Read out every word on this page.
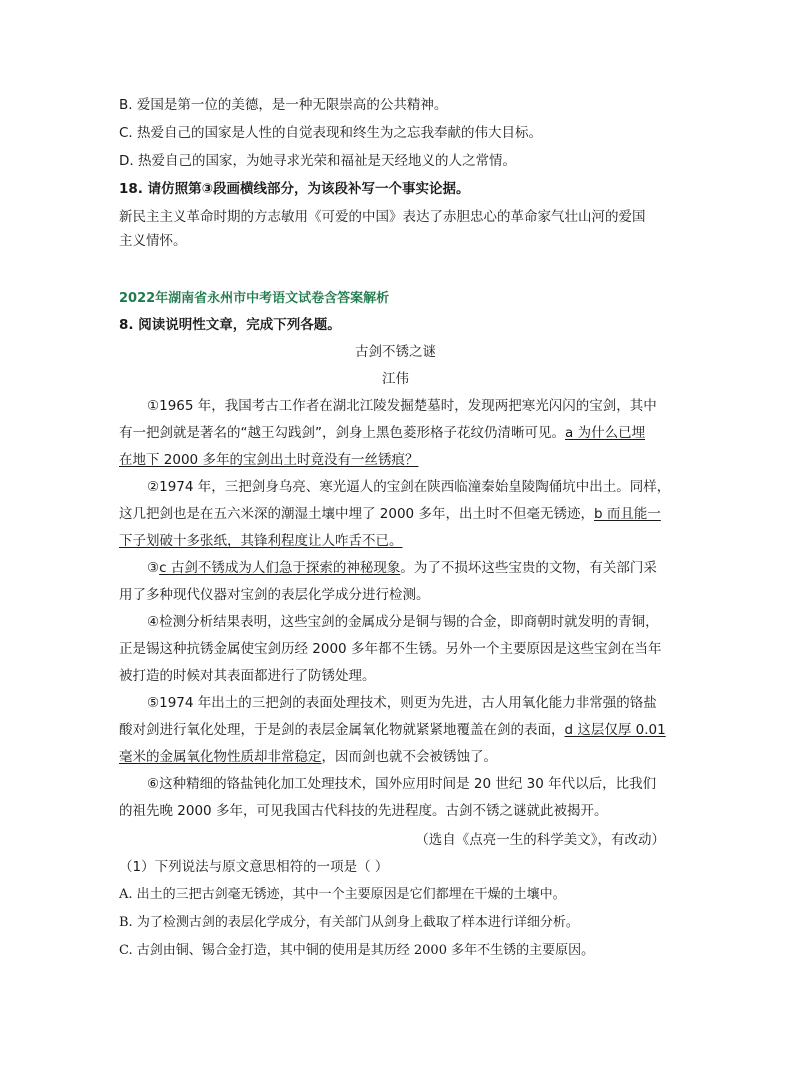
B. 爱国是第一位的美德，是一种无限崇高的公共精神。
C. 热爱自己的国家是人性的自觉表现和终生为之忘我奉献的伟大目标。
D. 热爱自己的国家，为她寻求光荣和福祉是天经地义的人之常情。
18. 请仿照第③段画横线部分，为该段补写一个事实论据。
新民主主义革命时期的方志敏用《可爱的中国》表达了赤胆忠心的革命家气壮山河的爱国
主义情怀。
2022年湖南省永州市中考语文试卷含答案解析
8. 阅读说明性文章，完成下列各题。
古剑不锈之谜
江伟
①1965 年，我国考古工作者在湖北江陵发掘楚墓时，发现两把寒光闪闪的宝剑，其中
有一把剑就是著名的“越王勾践剑”，剑身上黑色菱形格子花纹仍清晰可见。a 为什么已埋
在地下 2000 多年的宝剑出土时竟没有一丝锈痕？
②1974 年，三把剑身乌亮、寒光逼人的宝剑在陕西临潼秦始皇陵陶俑坑中出土。同样，
这几把剑也是在五六米深的潮湿土壤中埋了 2000 多年，出土时不但毫无锈迹，b 而且能一
下子划破十多张纸，其锋利程度让人咋舌不已。
③c 古剑不锈成为人们急于探索的神秘现象。为了不损坏这些宝贵的文物，有关部门采
用了多种现代仪器对宝剑的表层化学成分进行检测。
④检测分析结果表明，这些宝剑的金属成分是铜与锡的合金，即商朝时就发明的青铜，
正是锡这种抗锈金属使宝剑历经 2000 多年都不生锈。另外一个主要原因是这些宝剑在当年
被打造的时候对其表面都进行了防锈处理。
⑤1974 年出土的三把剑的表面处理技术，则更为先进，古人用氧化能力非常强的铬盐
酸对剑进行氧化处理，于是剑的表层金属氧化物就紧紧地覆盖在剑的表面，d 这层仅厚 0.01
毫米的金属氧化物性质却非常稳定，因而剑也就不会被锈蚀了。
⑥这种精细的铬盐钝化加工处理技术，国外应用时间是 20 世纪 30 年代以后，比我们
的祖先晚 2000 多年，可见我国古代科技的先进程度。古剑不锈之谜就此被揭开。
（选自《点亮一生的科学美文》，有改动）
（1）下列说法与原文意思相符的一项是（ ）
A. 出土的三把古剑毫无锈迹，其中一个主要原因是它们都埋在干燥的土壤中。
B. 为了检测古剑的表层化学成分，有关部门从剑身上截取了样本进行详细分析。
C. 古剑由铜、锡合金打造，其中铜的使用是其历经 2000 多年不生锈的主要原因。
